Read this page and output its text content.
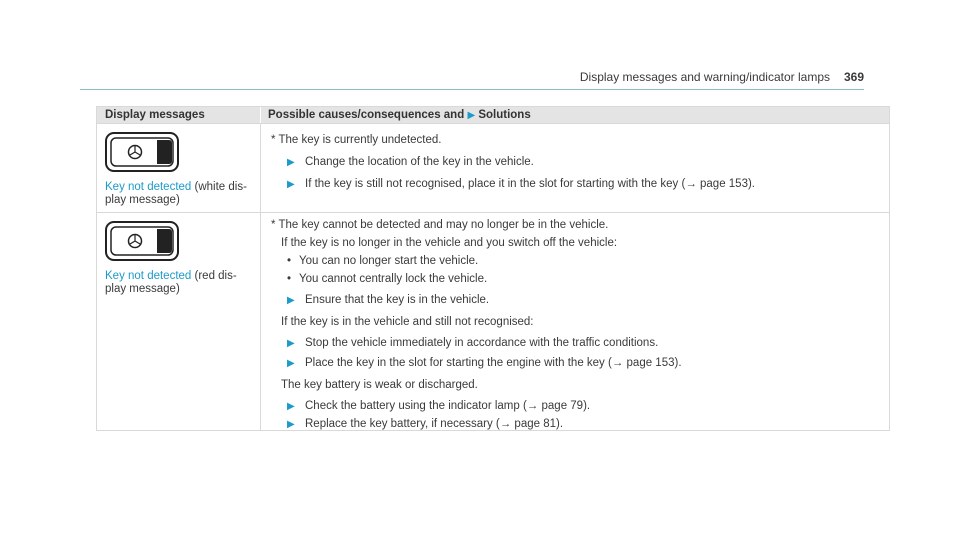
Display messages and warning/indicator lamps 369
Display messages	Possible causes/consequences and ▶ Solutions
Key not detected (white dis-
play message)
* The key is currently undetected.
▶ Change the location of the key in the vehicle.
▶ If the key is still not recognised, place it in the slot for starting with the key (→ page 153).
Key not detected (red dis-
play message)
* The key cannot be detected and may no longer be in the vehicle.
If the key is no longer in the vehicle and you switch off the vehicle:
• You can no longer start the vehicle.
• You cannot centrally lock the vehicle.
▶ Ensure that the key is in the vehicle.
If the key is in the vehicle and still not recognised:
▶ Stop the vehicle immediately in accordance with the traffic conditions.
▶ Place the key in the slot for starting the engine with the key (→ page 153).
The key battery is weak or discharged.
▶ Check the battery using the indicator lamp (→ page 79).
▶ Replace the key battery, if necessary (→ page 81).
